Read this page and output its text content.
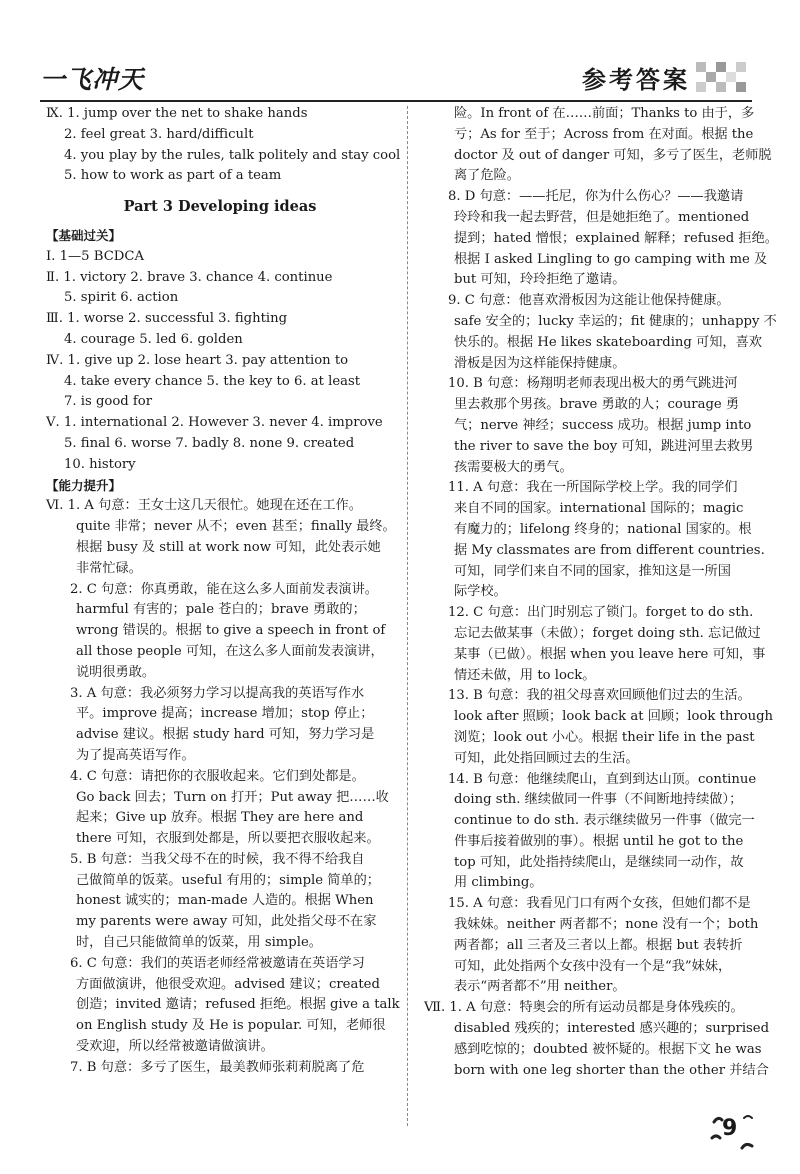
一飞冲天	参考答案
Ⅸ. 1. jump over the net to shake hands
2. feel great 3. hard/difficult
4. you play by the rules, talk politely and stay cool
5. how to work as part of a team
Part 3 Developing ideas
【基础过关】
Ⅰ. 1—5 BCDCA
Ⅱ. 1. victory 2. brave 3. chance 4. continue
5. spirit 6. action
Ⅲ. 1. worse 2. successful 3. fighting
4. courage 5. led 6. golden
Ⅳ. 1. give up 2. lose heart 3. pay attention to
4. take every chance 5. the key to 6. at least
7. is good for
Ⅴ. 1. international 2. However 3. never 4. improve
5. final 6. worse 7. badly 8. none 9. created
10. history
【能力提升】
Ⅵ. 1. A 句意：王女士这几天很忙。她现在还在工作。
quite 非常；never 从不；even 甚至；finally 最终。
根据 busy 及 still at work now 可知，此处表示她
非常忙碌。
2. C 句意：你真勇敢，能在这么多人面前发表演讲。
harmful 有害的；pale 苍白的；brave 勇敢的；
wrong 错误的。根据 to give a speech in front of
all those people 可知，在这么多人面前发表演讲，
说明很勇敢。
3. A 句意：我必须努力学习以提高我的英语写作水
平。improve 提高；increase 增加；stop 停止；
advise 建议。根据 study hard 可知，努力学习是
为了提高英语写作。
4. C 句意：请把你的衣服收起来。它们到处都是。
Go back 回去；Turn on 打开；Put away 把……收
起来；Give up 放弃。根据 They are here and
there 可知，衣服到处都是，所以要把衣服收起来。
5. B 句意：当我父母不在的时候，我不得不给我自
己做简单的饭菜。useful 有用的；simple 简单的；
honest 诚实的；man-made 人造的。根据 When
my parents were away 可知，此处指父母不在家
时，自己只能做简单的饭菜，用 simple。
6. C 句意：我们的英语老师经常被邀请在英语学习
方面做演讲，他很受欢迎。advised 建议；created
创造；invited 邀请；refused 拒绝。根据 give a talk
on English study 及 He is popular. 可知，老师很
受欢迎，所以经常被邀请做演讲。
7. B 句意：多亏了医生，最美教师张莉莉脱离了危
险。In front of 在……前面；Thanks to 由于，多
亏；As for 至于；Across from 在对面。根据 the
doctor 及 out of danger 可知，多亏了医生，老师脱
离了危险。
8. D 句意：——托尼，你为什么伤心？——我邀请
玲玲和我一起去野营，但是她拒绝了。mentioned
提到；hated 憎恨；explained 解释；refused 拒绝。
根据 I asked Lingling to go camping with me 及
but 可知，玲玲拒绝了邀请。
9. C 句意：他喜欢滑板因为这能让他保持健康。
safe 安全的；lucky 幸运的；fit 健康的；unhappy 不
快乐的。根据 He likes skateboarding 可知，喜欢
滑板是因为这样能保持健康。
10. B 句意：杨翔明老师表现出极大的勇气跳进河
里去救那个男孩。brave 勇敢的人；courage 勇
气；nerve 神经；success 成功。根据 jump into
the river to save the boy 可知，跳进河里去救男
孩需要极大的勇气。
11. A 句意：我在一所国际学校上学。我的同学们
来自不同的国家。international 国际的；magic
有魔力的；lifelong 终身的；national 国家的。根
据 My classmates are from different countries.
可知，同学们来自不同的国家，推知这是一所国
际学校。
12. C 句意：出门时别忘了锁门。forget to do sth.
忘记去做某事（未做）；forget doing sth. 忘记做过
某事（已做）。根据 when you leave here 可知，事
情还未做，用 to lock。
13. B 句意：我的祖父母喜欢回顾他们过去的生活。
look after 照顾；look back at 回顾；look through
浏览；look out 小心。根据 their life in the past
可知，此处指回顾过去的生活。
14. B 句意：他继续爬山，直到到达山顶。continue
doing sth. 继续做同一件事（不间断地持续做）；
continue to do sth. 表示继续做另一件事（做完一
件事后接着做别的事）。根据 until he got to the
top 可知，此处指持续爬山，是继续同一动作，故
用 climbing。
15. A 句意：我看见门口有两个女孩，但她们都不是
我妹妹。neither 两者都不；none 没有一个；both
两者都；all 三者及三者以上都。根据 but 表转折
可知，此处指两个女孩中没有一个是“我”妹妹，
表示“两者都不”用 neither。
Ⅶ. 1. A 句意：特奥会的所有运动员都是身体残疾的。
disabled 残疾的；interested 感兴趣的；surprised
感到吃惊的；doubted 被怀疑的。根据下文 he was
born with one leg shorter than the other 并结合
9
